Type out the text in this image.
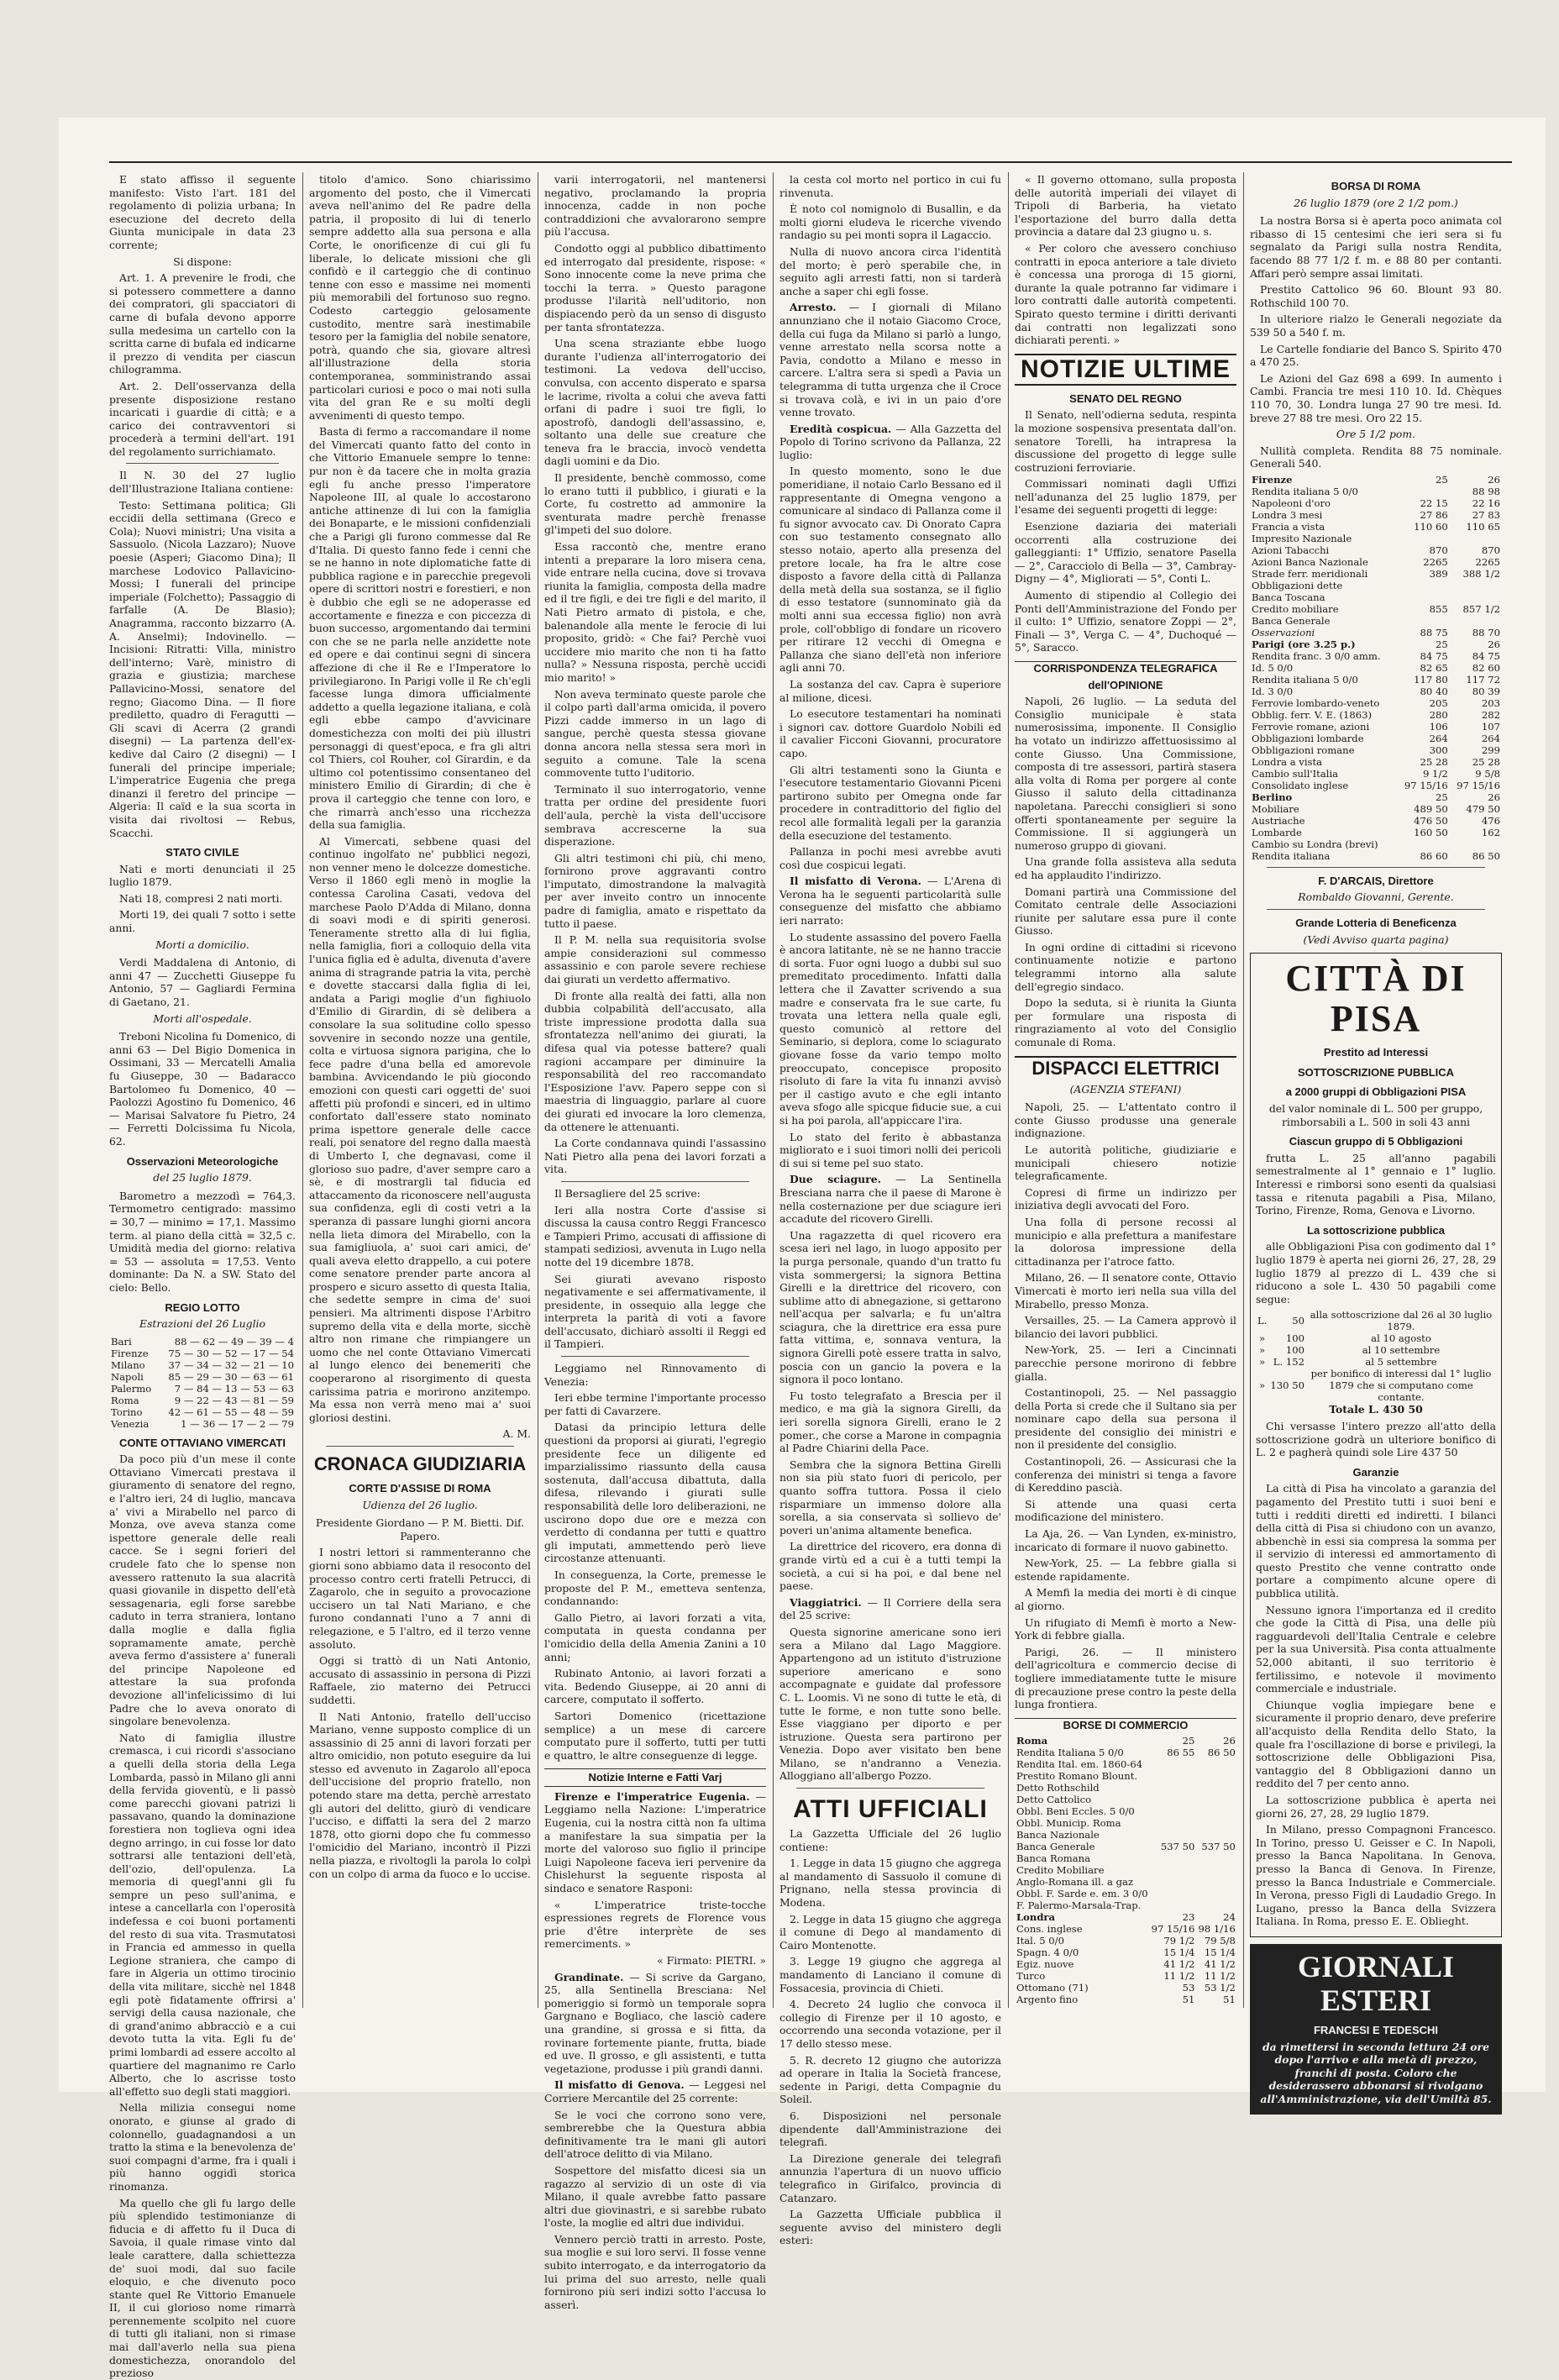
E stato affisso il seguente manifesto: Visto l'art. 181 del regolamento di polizia urbana; In esecuzione del decreto della Giunta municipale in data 23 corrente;

Si dispone:

Art. 1. A prevenire le frodi, che si potessero commettere a danno dei compratori, gli spacciatori di carne di bufala devono apporre sulla medesima un cartello con la scritta carne di bufala ed indicarne il prezzo di vendita per ciascun chilogramma.

Art. 2. Dell'osservanza della presente disposizione restano incaricati i guardie di città; e a carico dei contravventori si procederà a termini dell'art. 191 del regolamento surrichiamato.

Il N. 30 del 27 luglio dell'Illustrazione Italiana contiene:

Testo: Settimana politica; Gli eccidii della settimana (Greco e Cola); Nuovi ministri; Una visita a Sassuolo. (Nicola Lazzaro); Nuove poesie (Asperi; Giacomo Dina); Il marchese Lodovico Pallavicino-Mossi; I funerali del principe imperiale (Folchetto); Passaggio di farfalle (A. De Blasio); Anagramma, racconto bizzarro (A. A. Anselmi); Indovinello. — Incisioni: Ritratti: Villa, ministro dell'interno; Varè, ministro di grazia e giustizia; marchese Pallavicino-Mossi, senatore del regno; Giacomo Dina. — Il fiore prediletto, quadro di Feragutti — Gli scavi di Acerra (2 grandi disegni) — La partenza dell'ex-kedive dal Cairo (2 disegni) — I funerali del principe imperiale; L'imperatrice Eugenia che prega dinanzi il feretro del principe — Algeria: Il caïd e la sua scorta in visita dai rivoltosi — Rebus, Scacchi.

STATO CIVILE

Nati e morti denunciati il 25 luglio 1879.

Nati 18, compresi 2 nati morti.

Morti 19, dei quali 7 sotto i sette anni.

Morti a domicilio.

Verdi Maddalena di Antonio, di anni 47 — Zucchetti Giuseppe fu Antonio, 57 — Gagliardi Fermina di Gaetano, 21.

Morti all'ospedale.

Treboni Nicolina fu Domenico, di anni 63 — Del Bigio Domenica in Ossimani, 33 — Mercatelli Amalia fu Giuseppe, 30 — Badaracco Bartolomeo fu Domenico, 40 — Paolozzi Agostino fu Domenico, 46 — Marisai Salvatore fu Pietro, 24 — Ferretti Dolcissima fu Nicola, 62.

Osservazioni Meteorologiche
del 25 luglio 1879.

Barometro a mezzodì = 764,3. Termometro centigrado: massimo = 30,7 — minimo = 17,1. Massimo term. al piano della città = 32,5 c. Umidità media del giorno: relativa = 53 — assoluta = 17,53. Vento dominante: Da N. a SW. Stato del cielo: Bello.

REGIO LOTTO
Estrazioni del 26 Luglio
Bari	88 — 62 — 49 — 39 — 4
Firenze	75 — 30 — 52 — 17 — 54
Milano	37 — 34 — 32 — 21 — 10
Napoli	85 — 29 — 30 — 63 — 61
Palermo	7 — 84 — 13 — 53 — 63
Roma	9 — 22 — 43 — 81 — 59
Torino	42 — 61 — 55 — 48 — 59
Venezia	1 — 36 — 17 — 2 — 79
CONTE OTTAVIANO VIMERCATI

Da poco più d'un mese il conte Ottaviano Vimercati prestava il giuramento di senatore del regno, e l'altro ieri, 24 di luglio, mancava a' vivi a Mirabello nel parco di Monza, ove aveva stanza come ispettore generale delle reali cacce. Se i segni forieri del crudele fato che lo spense non avessero rattenuto la sua alacrità quasi giovanile in dispetto dell'età sessagenaria, egli forse sarebbe caduto in terra straniera, lontano dalla moglie e dalla figlia sopramamente amate, perchè aveva fermo d'assistere a' funerali del principe Napoleone ed attestare la sua profonda devozione all'infelicissimo di lui Padre che lo aveva onorato di singolare benevolenza.

Nato di famiglia illustre cremasca, i cui ricordi s'associano a quelli della storia della Lega Lombarda, passò in Milano gli anni della fervida gioventù, e li passò come parecchi giovani patrizi li passavano, quando la dominazione forestiera non toglieva ogni idea degno arringo, in cui fosse lor dato sottrarsi alle tentazioni dell'età, dell'ozio, dell'opulenza. La memoria di quegl'anni gli fu sempre un peso sull'anima, e intese a cancellarla con l'operosità indefessa e coi buoni portamenti del resto di sua vita. Trasmutatosi in Francia ed ammesso in quella Legione straniera, che campo di fare in Algeria un ottimo tirocinio della vita militare, sicchè nel 1848 egli potè fidatamente offrirsi a' servigi della causa nazionale, che di grand'animo abbracciò e a cui devoto tutta la vita. Egli fu de' primi lombardi ad essere accolto al quartiere del magnanimo re Carlo Alberto, che lo ascrisse tosto all'effetto suo degli stati maggiori.

Nella milizia consegui nome onorato, e giunse al grado di colonnello, guadagnandosi a un tratto la stima e la benevolenza de' suoi compagni d'arme, fra i quali i più hanno oggidì storica rinomanza.

Ma quello che gli fu largo delle più splendido testimonianze di fiducia e di affetto fu il Duca di Savoia, il quale rimase vinto dal leale carattere, dalla schiettezza de' suoi modi, dal suo facile eloquio, e che divenuto poco stante quel Re Vittorio Emanuele II, il cui glorioso nome rimarrà perennemente scolpito nel cuore di tutti gli italiani, non si rimase mai dall'averlo nella sua piena domestichezza, onorandolo del prezioso

titolo d'amico. Sono chiarissimo argomento del posto, che il Vimercati aveva nell'animo del Re padre della patria, il proposito di lui di tenerlo sempre addetto alla sua persona e alla Corte, le onorificenze di cui gli fu liberale, lo delicate missioni che gli confidò e il carteggio che di continuo tenne con esso e massime nei momenti più memorabili del fortunoso suo regno. Codesto carteggio gelosamente custodito, mentre sarà inestimabile tesoro per la famiglia del nobile senatore, potrà, quando che sia, giovare altresì all'illustrazione della storia contemporanea, somministrando assai particolari curiosi e poco o mai noti sulla vita del gran Re e su molti degli avvenimenti di questo tempo.

Basta di fermo a raccomandare il nome del Vimercati quanto fatto del conto in che Vittorio Emanuele sempre lo tenne: pur non è da tacere che in molta grazia egli fu anche presso l'imperatore Napoleone III, al quale lo accostarono antiche attinenze di lui con la famiglia dei Bonaparte, e le missioni confidenziali che a Parigi gli furono commesse dal Re d'Italia. Di questo fanno fede i cenni che se ne hanno in note diplomatiche fatte di pubblica ragione e in parecchie pregevoli opere di scrittori nostri e forestieri, e non è dubbio che egli se ne adoperasse ed accortamente e finezza e con piccezza di buon successo, argomentando dai termini con che se ne parla nelle anzidette note ed opere e dai continui segni di sincera affezione di che il Re e l'Imperatore lo privilegiarono. In Parigi volle il Re ch'egli facesse lunga dimora ufficialmente addetto a quella legazione italiana, e colà egli ebbe campo d'avvicinare domestichezza con molti dei più illustri personaggi di quest'epoca, e fra gli altri col Thiers, col Rouher, col Girardin, e da ultimo col potentissimo consentaneo del ministero Emilio di Girardin; di che è prova il carteggio che tenne con loro, e che rimarrà anch'esso una ricchezza della sua famiglia.

Al Vimercati, sebbene quasi del continuo ingolfato ne' pubblici negozi, non venner meno le dolcezze domestiche. Verso il 1860 egli menò in moglie la contessa Carolina Casati, vedova del marchese Paolo D'Adda di Milano, donna di soavi modi e di spiriti generosi. Teneramente stretto alla di lui figlia, nella famiglia, fiori a colloquio della vita l'unica figlia ed è adulta, divenuta d'avere anima di stragrande patria la vita, perchè e dovette staccarsi dalla figlia di lei, andata a Parigi moglie d'un fighiuolo d'Emilio di Girardin, di sè delibera a consolare la sua solitudine collo spesso sovvenire in secondo nozze una gentile, colta e virtuosa signora parigina, che lo fece padre d'una bella ed amorevole bambina. Avvicendando le più giocondo emozioni con questi cari oggetti de' suoi affetti più profondi e sinceri, ed in ultimo confortato dall'essere stato nominato prima ispettore generale delle cacce reali, poi senatore del regno dalla maestà di Umberto I, che degnavasi, come il glorioso suo padre, d'aver sempre caro a sè, e di mostrargli tal fiducia ed attaccamento da riconoscere nell'augusta sua confidenza, egli di costi vetri a la speranza di passare lunghi giorni ancora nella lieta dimora del Mirabello, con la sua famigliuola, a' suoi cari amici, de' quali aveva eletto drappello, a cui potere come senatore prender parte ancora al prospero e sicuro assetto di questa Italia, che sedette sempre in cima de' suoi pensieri. Ma altrimenti dispose l'Arbitro supremo della vita e della morte, sicchè altro non rimane che rimpiangere un uomo che nel conte Ottaviano Vimercati al lungo elenco dei benemeriti che cooperarono al risorgimento di questa carissima patria e morirono anzitempo. Ma essa non verrà meno mai a' suoi gloriosi destini.

A. M.

CRONACA GIUDIZIARIA
CORTE D'ASSISE DI ROMA
Udienza del 26 luglio.

Presidente Giordano — P. M. Bietti. Dif. Papero.

I nostri lettori si rammenteranno che giorni sono abbiamo data il resoconto del processo contro certi fratelli Petrucci, di Zagarolo, che in seguito a provocazione uccisero un tal Nati Mariano, e che furono condannati l'uno a 7 anni di relegazione, e 5 l'altro, ed il terzo venne assoluto.

Oggi si trattò di un Nati Antonio, accusato di assassinio in persona di Pizzi Raffaele, zio materno dei Petrucci suddetti.

Il Nati Antonio, fratello dell'ucciso Mariano, venne supposto complice di un assassinio di 25 anni di lavori forzati per altro omicidio, non potuto eseguire da lui stesso ed avvenuto in Zagarolo all'epoca dell'uccisione del proprio fratello, non potendo stare ma detta, perchè arrestato gli autori del delitto, giurò di vendicare l'ucciso, e diffatti la sera del 2 marzo 1878, otto giorni dopo che fu commesso l'omicidio del Mariano, incontrò il Pizzi nella piazza, e rivoltogli la parola lo colpì con un colpo di arma da fuoco e lo uccise.

varii interrogatorii, nel mantenersi negativo, proclamando la propria innocenza, cadde in non poche contraddizioni che avvalorarono sempre più l'accusa.

Condotto oggi al pubblico dibattimento ed interrogato dal presidente, rispose: « Sono innocente come la neve prima che tocchi la terra. » Questo paragone produsse l'ilarità nell'uditorio, non dispiacendo però da un senso di disgusto per tanta sfrontatezza.

Una scena straziante ebbe luogo durante l'udienza all'interrogatorio dei testimoni. La vedova dell'ucciso, convulsa, con accento disperato e sparsa le lacrime, rivolta a colui che aveva fatti orfani di padre i suoi tre figli, lo apostrofò, dandogli dell'assassino, e, soltanto una delle sue creature che teneva fra le braccia, invocò vendetta dagli uomini e da Dio.

Il presidente, benchè commosso, come lo erano tutti il pubblico, i giurati e la Corte, fu costretto ad ammonire la sventurata madre perchè frenasse gl'impeti del suo dolore.

Essa raccontò che, mentre erano intenti a preparare la loro misera cena, vide entrare nella cucina, dove si trovava riunita la famiglia, composta della madre ed il tre figli, e dei tre figli e del marito, il Nati Pietro armato di pistola, e che, balenandole alla mente le ferocie di lui proposito, gridò: « Che fai? Perchè vuoi uccidere mio marito che non ti ha fatto nulla? » Nessuna risposta, perchè uccidi mio marito! »

Non aveva terminato queste parole che il colpo partì dall'arma omicida, il povero Pizzi cadde immerso in un lago di sangue, perchè questa stessa giovane donna ancora nella stessa sera morì in seguito a comune. Tale la scena commovente tutto l'uditorio.

Terminato il suo interrogatorio, venne tratta per ordine del presidente fuori dell'aula, perchè la vista dell'uccisore sembrava accrescerne la sua disperazione.

Gli altri testimoni chi più, chi meno, fornirono prove aggravanti contro l'imputato, dimostrandone la malvagità per aver inveito contro un innocente padre di famiglia, amato e rispettato da tutto il paese.

Il P. M. nella sua requisitoria svolse ampie considerazioni sul commesso assassinio e con parole severe rechiese dai giurati un verdetto affermativo.

Di fronte alla realtà dei fatti, alla non dubbia colpabilità dell'accusato, alla triste impressione prodotta dalla sua sfrontatezza nell'animo dei giurati, la difesa qual via potesse battere? quali ragioni accampare per diminuire la responsabilità del reo raccomandato l'Esposizione l'avv. Papero seppe con sì maestria di linguaggio, parlare al cuore dei giurati ed invocare la loro clemenza, da ottenere le attenuanti.

La Corte condannava quindi l'assassino Nati Pietro alla pena dei lavori forzati a vita.

Il Bersagliere del 25 scrive:

Ieri alla nostra Corte d'assise si discussa la causa contro Reggi Francesco e Tampieri Primo, accusati di affissione di stampati sediziosi, avvenuta in Lugo nella notte del 19 dicembre 1878.

Sei giurati avevano risposto negativamente e sei affermativamente, il presidente, in ossequio alla legge che interpreta la parità di voti a favore dell'accusato, dichiarò assolti il Reggi ed il Tampieri.

Leggiamo nel Rinnovamento di Venezia:

Ieri ebbe termine l'importante processo per fatti di Cavarzere.

Datasi da principio lettura delle questioni da proporsi ai giurati, l'egregio presidente fece un diligente ed imparzialissimo riassunto della causa sostenuta, dall'accusa dibattuta, dalla difesa, rilevando i giurati sulle responsabilità delle loro deliberazioni, ne uscirono dopo due ore e mezza con verdetto di condanna per tutti e quattro gli imputati, ammettendo però lieve circostanze attenuanti.

In conseguenza, la Corte, premesse le proposte del P. M., emetteva sentenza, condannando:

Gallo Pietro, ai lavori forzati a vita, computata in questa condanna per l'omicidio della della Amenia Zanini a 10 anni;

Rubinato Antonio, ai lavori forzati a vita. Bedendo Giuseppe, ai 20 anni di carcere, computato il sofferto.

Sartori Domenico (ricettazione semplice) a un mese di carcere computato pure il sofferto, tutti per tutti e quattro, le altre conseguenze di legge.

Notizie Interne e Fatti Varj

Firenze e l'imperatrice Eugenia. — Leggiamo nella Nazione: L'imperatrice Eugenia, cui la nostra città non fa ultima a manifestare la sua simpatia per la morte del valoroso suo figlio il principe Luigi Napoleone faceva ieri pervenire da Chislehurst la seguente risposta al sindaco e senatore Rasponi:

« L'imperatrice triste-tocche espressiones regrets de Florence vous prie d'être interprète de ses remerciments. »

« Firmato: PIETRI. »

Grandinate. — Si scrive da Gargano, 25, alla Sentinella Bresciana: Nel pomeriggio si formò un temporale sopra Gargnano e Bogliaco, che lasciò cadere una grandine, si grossa e si fitta, da rovinare fortemente piante, frutta, biade ed uve. Il grosso, e gli assistenti, e tutta vegetazione, produsse i più grandi danni.

Il misfatto di Genova. — Leggesi nel Corriere Mercantile del 25 corrente:

Se le voci che corrono sono vere, sembrerebbe che la Questura abbia definitivamente tra le mani gli autori dell'atroce delitto di via Milano.

Sospettore del misfatto dicesi sia un ragazzo al servizio di un oste di via Milano, il quale avrebbe fatto passare altri due giovinastri, e si sarebbe rubato l'oste, la moglie ed altri due individui.

Vennero perciò tratti in arresto. Poste, sua moglie e sui loro servi. Il fosse venne subito interrogato, e da interrogatorio da lui prima del suo arresto, nelle quali fornirono più seri indizi sotto l'accusa lo asserì.

la cesta col morto nel portico in cui fu rinvenuta.

È noto col nomignolo di Busallin, e da molti giorni eludeva le ricerche vivendo randagio su pei monti sopra il Lagaccio.

Nulla di nuovo ancora circa l'identità del morto; è però sperabile che, in seguito agli arresti fatti, non si tarderà anche a saper chi egli fosse.

Arresto. — I giornali di Milano annunziano che il notaio Giacomo Croce, della cui fuga da Milano si parlò a lungo, venne arrestato nella scorsa notte a Pavia, condotto a Milano e messo in carcere. L'altra sera si spedì a Pavia un telegramma di tutta urgenza che il Croce si trovava colà, e ivi in un paio d'ore venne trovato.

Eredità cospicua. — Alla Gazzetta del Popolo di Torino scrivono da Pallanza, 22 luglio:

In questo momento, sono le due pomeridiane, il notaio Carlo Bessano ed il rappresentante di Omegna vengono a comunicare al sindaco di Pallanza come il fu signor avvocato cav. Di Onorato Capra con suo testamento consegnato allo stesso notaio, aperto alla presenza del pretore locale, ha fra le altre cose disposto a favore della città di Pallanza della metà della sua sostanza, se il figlio di esso testatore (sunnominato già da molti anni sua eccessa figlio) non avrà prole, coll'obbligo di fondare un ricovero per ritirare 12 vecchi di Omegna e Pallanza che siano dell'età non inferiore agli anni 70.

La sostanza del cav. Capra è superiore al milione, dicesi.

Lo esecutore testamentari ha nominati i signori cav. dottore Guardolo Nobili ed il cavalier Ficconi Giovanni, procuratore capo.

Gli altri testamenti sono la Giunta e l'esecutore testamentario Giovanni Piceni partirono subito per Omegna onde far procedere in contradittorio del figlio del recol alle formalità legali per la garanzia della esecuzione del testamento.

Pallanza in pochi mesi avrebbe avuti così due cospicui legati.

Il misfatto di Verona. — L'Arena di Verona ha le seguenti particolarità sulle conseguenze del misfatto che abbiamo ieri narrato:

Lo studente assassino del povero Faella è ancora latitante, nè se ne hanno traccie di sorta. Fuor ogni luogo a dubbi sul suo premeditato procedimento. Infatti dalla lettera che il Zavatter scrivendo a sua madre e conservata fra le sue carte, fu trovata una lettera nella quale egli, questo comunicò al rettore del Seminario, si deplora, come lo sciagurato giovane fosse da vario tempo molto preoccupato, concepisce proposito risoluto di fare la vita fu innanzi avvisò per il castigo avuto e che egli intanto aveva sfogo alle spicque fiducie sue, a cui si ha poi parola, all'appiccare l'ira.

Lo stato del ferito è abbastanza migliorato e i suoi timori nolli dei pericoli di sui si teme pel suo stato.

Due sciagure. — La Sentinella Bresciana narra che il paese di Marone è nella costernazione per due sciagure ieri accadute del ricovero Girelli.

Una ragazzetta di quel ricovero era scesa ieri nel lago, in luogo apposito per la purga personale, quando d'un tratto fu vista sommergersi; la signora Bettina Girelli e la direttrice del ricovero, con sublime atto di abnegazione, si gettarono nell'acqua per salvarla; e fu un'altra sciagura, che la direttrice era essa pure fatta vittima, e, sonnava ventura, la signora Girelli potè essere tratta in salvo, poscia con un gancio la povera e la signora il poco lontano.

Fu tosto telegrafato a Brescia per il medico, e ma già la signora Girelli, da ieri sorella signora Girelli, erano le 2 pomer., che corse a Marone in compagnia al Padre Chiarini della Pace.

Sembra che la signora Bettina Girelli non sia più stato fuori di pericolo, per quanto soffra tuttora. Possa il cielo risparmiare un immenso dolore alla sorella, a sia conservata sì sollievo de' poveri un'anima altamente benefica.

La direttrice del ricovero, era donna di grande virtù ed a cui è a tutti tempi la società, a cui si ha poi, e dal bene nel paese.

Viaggiatrici. — Il Corriere della sera del 25 scrive:

Questa signorine americane sono ieri sera a Milano dal Lago Maggiore. Appartengono ad un istituto d'istruzione superiore americano e sono accompagnate e guidate dal professore C. L. Loomis. Vi ne sono di tutte le età, di tutte le forme, e non tutte sono belle. Esse viaggiano per diporto e per istruzione. Questa sera partirono per Venezia. Dopo aver visitato ben bene Milano, se n'andranno a Venezia. Alloggiano all'albergo Pozzo.

ATTI UFFICIALI

La Gazzetta Ufficiale del 26 luglio contiene:

1. Legge in data 15 giugno che aggrega al mandamento di Sassuolo il comune di Prignano, nella stessa provincia di Modena.

2. Legge in data 15 giugno che aggrega il comune di Dego al mandamento di Cairo Montenotte.

3. Legge 19 giugno che aggrega al mandamento di Lanciano il comune di Fossacesia, provincia di Chieti.

4. Decreto 24 luglio che convoca il collegio di Firenze per il 10 agosto, e occorrendo una seconda votazione, per il 17 dello stesso mese.

5. R. decreto 12 giugno che autorizza ad operare in Italia la Società francese, sedente in Parigi, detta Compagnie du Soleil.

6. Disposizioni nel personale dipendente dall'Amministrazione dei telegrafi.

La Direzione generale dei telegrafi annunzia l'apertura di un nuovo ufficio telegrafico in Girifalco, provincia di Catanzaro.

La Gazzetta Ufficiale pubblica il seguente avviso del ministero degli esteri:

« Il governo ottomano, sulla proposta delle autorità imperiali dei vilayet di Tripoli di Barberia, ha vietato l'esportazione del burro dalla detta provincia a datare dal 23 giugno u. s.

« Per coloro che avessero conchiuso contratti in epoca anteriore a tale divieto è concessa una proroga di 15 giorni, durante la quale potranno far vidimare i loro contratti dalle autorità competenti. Spirato questo termine i diritti derivanti dai contratti non legalizzati sono dichiarati perenti. »

NOTIZIE ULTIME
SENATO DEL REGNO

Il Senato, nell'odierna seduta, respinta la mozione sospensiva presentata dall'on. senatore Torelli, ha intrapresa la discussione del progetto di legge sulle costruzioni ferroviarie.

Commissari nominati dagli Uffizi nell'adunanza del 25 luglio 1879, per l'esame dei seguenti progetti di legge:

Esenzione daziaria dei materiali occorrenti alla costruzione dei galleggianti: 1° Uffizio, senatore Pasella — 2°, Caracciolo di Bella — 3°, Cambray-Digny — 4°, Migliorati — 5°, Conti L.

Aumento di stipendio al Collegio dei Ponti dell'Amministrazione del Fondo per il culto: 1° Uffizio, senatore Zoppi — 2°, Finali — 3°, Verga C. — 4°, Duchoqué — 5°, Saracco.

CORRISPONDENZA TELEGRAFICA
dell'OPINIONE

Napoli, 26 luglio. — La seduta del Consiglio municipale è stata numerosissima, imponente. Il Consiglio ha votato un indirizzo affettuosissimo al conte Giusso. Una Commissione, composta di tre assessori, partirà stasera alla volta di Roma per porgere al conte Giusso il saluto della cittadinanza napoletana. Parecchi consiglieri si sono offerti spontaneamente per seguire la Commissione. Il si aggiungerà un numeroso gruppo di giovani.

Una grande folla assisteva alla seduta ed ha applaudito l'indirizzo.

Domani partirà una Commissione del Comitato centrale delle Associazioni riunite per salutare essa pure il conte Giusso.

In ogni ordine di cittadini si ricevono continuamente notizie e partono telegrammi intorno alla salute dell'egregio sindaco.

Dopo la seduta, si è riunita la Giunta per formulare una risposta di ringraziamento al voto del Consiglio comunale di Roma.

DISPACCI ELETTRICI
(AGENZIA STEFANI)

Napoli, 25. — L'attentato contro il conte Giusso produsse una generale indignazione.

Le autorità politiche, giudiziarie e municipali chiesero notizie telegraficamente.

Copresi di firme un indirizzo per iniziativa degli avvocati del Foro.

Una folla di persone recossi al municipio e alla prefettura a manifestare la dolorosa impressione della cittadinanza per l'atroce fatto.

Milano, 26. — Il senatore conte, Ottavio Vimercati è morto ieri nella sua villa del Mirabello, presso Monza.

Versailles, 25. — La Camera approvò il bilancio dei lavori pubblici.

New-York, 25. — Ieri a Cincinnati parecchie persone morirono di febbre gialla.

Costantinopoli, 25. — Nel passaggio della Porta si crede che il Sultano sia per nominare capo della sua persona il presidente del consiglio dei ministri e non il presidente del consiglio.

Costantinopoli, 26. — Assicurasi che la conferenza dei ministri si tenga a favore di Kereddino pascià.

Si attende una quasi certa modificazione del ministero.

La Aja, 26. — Van Lynden, ex-ministro, incaricato di formare il nuovo gabinetto.

New-York, 25. — La febbre gialla si estende rapidamente.

A Memfi la media dei morti è di cinque al giorno.

Un rifugiato di Memfi è morto a New-York di febbre gialla.

Parigi, 26. — Il ministero dell'agricoltura e commercio decise di togliere immediatamente tutte le misure di precauzione prese contro la peste della lunga frontiera.

BORSE DI COMMERCIO
Roma	25	26
Rendita Italiana 5 0/0	86 55	86 50
Rendita Ital. em. 1860-64		
Prestito Romano Blount.		
Detto Rothschild		
Detto Cattolico		
Obbl. Beni Eccles. 5 0/0		
Obbl. Municip. Roma		
Banca Nazionale		
Banca Generale	537 50	537 50
Banca Romana		
Credito Mobiliare		
Anglo-Romana ill. a gaz		
Obbl. F. Sarde e. em. 3 0/0		
F. Palermo-Marsala-Trap.		
Londra	23	24
Cons. inglese	97 15/16	98 1/16
Ital. 5 0/0	79 1/2	79 5/8
Spagn. 4 0/0	15 1/4	15 1/4
Egiz. nuove	41 1/2	41 1/2
Turco	11 1/2	11 1/2
Ottomano (71)	53	53 1/2
Argento fino	51	51
BORSA DI ROMA
26 luglio 1879 (ore 2 1/2 pom.)

La nostra Borsa si è aperta poco animata col ribasso di 15 centesimi che ieri sera si fu segnalato da Parigi sulla nostra Rendita, facendo 88 77 1/2 f. m. e 88 80 per contanti. Affari però sempre assai limitati.

Prestito Cattolico 96 60. Blount 93 80. Rothschild 100 70.

In ulteriore rialzo le Generali negoziate da 539 50 a 540 f. m.

Le Cartelle fondiarie del Banco S. Spirito 470 a 470 25.

Le Azioni del Gaz 698 a 699. In aumento i Cambi. Francia tre mesi 110 10. Id. Chèques 110 70, 30. Londra lunga 27 90 tre mesi. Id. breve 27 88 tre mesi. Oro 22 15.

Ore 5 1/2 pom.

Nullità completa. Rendita 88 75 nominale. Generali 540.

Firenze	25	26
Rendita italiana 5 0/0		88 98
Napoleoni d'oro	22 15	22 16
Londra 3 mesi	27 86	27 83
Francia a vista	110 60	110 65
Impresito Nazionale		
Azioni Tabacchi	870	870
Azioni Banca Nazionale	2265	2265
Strade ferr. meridionali	389	388 1/2
Obbligazioni dette		
Banca Toscana		
Credito mobiliare	855	857 1/2
Banca Generale		
Osservazioni	88 75	88 70
Parigi (ore 3.25 p.)	25	26
Rendita franc. 3 0/0 amm.	84 75	84 75
Id. 5 0/0	82 65	82 60
Rendita italiana 5 0/0	117 80	117 72
Id. 3 0/0	80 40	80 39
Ferrovie lombardo-veneto	205	203
Obblig. ferr. V. E. (1863)	280	282
Ferrovie romane, azioni	106	107
Obbligazioni lombarde	264	264
Obbligazioni romane	300	299
Londra a vista	25 28	25 28
Cambio sull'Italia	9 1/2	9 5/8
Consolidato inglese	97 15/16	97 15/16
Berlino	25	26
Mobiliare	489 50	479 50
Austriache	476 50	476
Lombarde	160 50	162
Cambio su Londra (brevi)		
Rendita italiana	86 60	86 50
F. D'ARCAIS, Direttore
Rombaldo Giovanni, Gerente.
Grande Lotteria di Beneficenza
(Vedi Avviso quarta pagina)
CITTÀ DI PISA
Prestito ad Interessi
SOTTOSCRIZIONE PUBBLICA
a 2000 gruppi di Obbligazioni PISA

del valor nominale di L. 500 per gruppo, rimborsabili a L. 500 in soli 43 anni

Ciascun gruppo di 5 Obbligazioni

frutta L. 25 all'anno pagabili semestralmente al 1° gennaio e 1° luglio. Interessi e rimborsi sono esenti da qualsiasi tassa e ritenuta pagabili a Pisa, Milano, Torino, Firenze, Roma, Genova e Livorno.

La sottoscrizione pubblica

alle Obbligazioni Pisa con godimento dal 1° luglio 1879 è aperta nei giorni 26, 27, 28, 29 luglio 1879 al prezzo di L. 439 che si riducono a sole L. 430 50 pagabili come segue:

L.	50	alla sottoscrizione dal 26 al 30 luglio 1879.
»	100	al 10 agosto
»	100	al 10 settembre
»	L. 152	al 5 settembre
»	130 50	per bonifico di interessi dal 1° luglio 1879 che si computano come contante.

Totale L. 430 50

Chi versasse l'intero prezzo all'atto della sottoscrizione godrà un ulteriore bonifico di L. 2 e pagherà quindi sole Lire 437 50

Garanzie

La città di Pisa ha vincolato a garanzia del pagamento del Prestito tutti i suoi beni e tutti i redditi diretti ed indiretti. I bilanci della città di Pisa si chiudono con un avanzo, abbenchè in essi sia compresa la somma per il servizio di interessi ed ammortamento di questo Prestito che venne contratto onde portare a compimento alcune opere di pubblica utilità.

Nessuno ignora l'importanza ed il credito che gode la Città di Pisa, una delle più ragguardevoli dell'Italia Centrale e celebre per la sua Università. Pisa conta attualmente 52,000 abitanti, il suo territorio è fertilissimo, e notevole il movimento commerciale e industriale.

Chiunque voglia impiegare bene e sicuramente il proprio denaro, deve preferire all'acquisto della Rendita dello Stato, la quale fra l'oscillazione di borse e privilegi, la sottoscrizione delle Obbligazioni Pisa, vantaggio del 8 Obbligazioni danno un reddito del 7 per cento anno.

La sottoscrizione pubblica è aperta nei giorni 26, 27, 28, 29 luglio 1879.

In Milano, presso Compagnoni Francesco. In Torino, presso U. Geisser e C. In Napoli, presso la Banca Napolitana. In Genova, presso la Banca di Genova. In Firenze, presso la Banca Industriale e Commerciale. In Verona, presso Figli di Laudadio Grego. In Lugano, presso la Banca della Svizzera Italiana. In Roma, presso E. E. Oblieght.

GIORNALI ESTERI
FRANCESI E TEDESCHI

da rimettersi in seconda lettura 24 ore dopo l'arrivo e alla metà di prezzo, franchi di posta. Coloro che desiderassero abbonarsi si rivolgano all'Amministrazione, via dell'Umiltà 85.
